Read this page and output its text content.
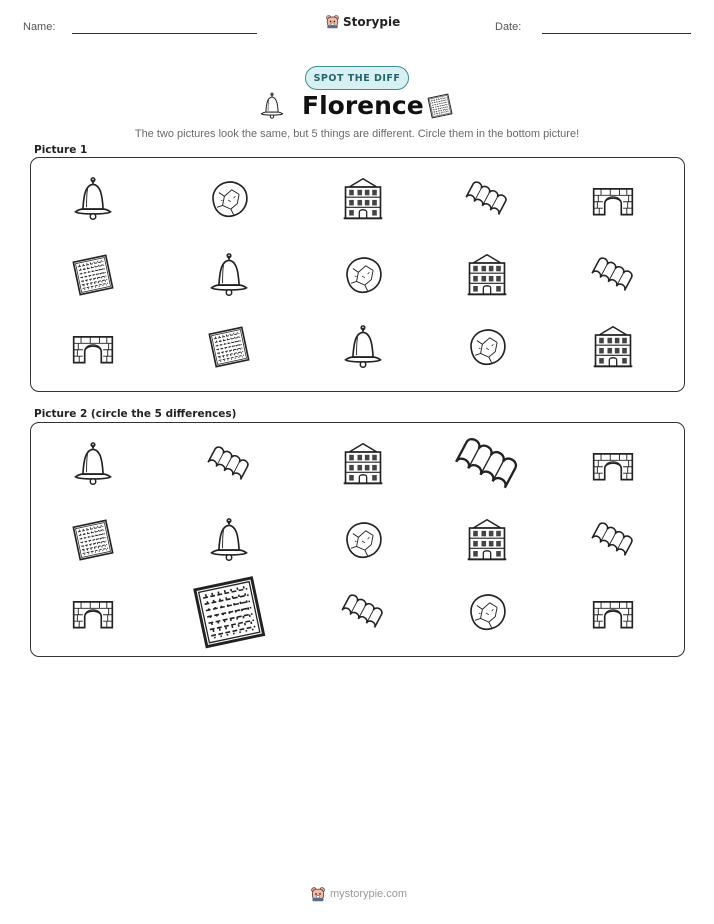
Name:	Storypie	Date:
SPOT THE DIFF
Florence
The two pictures look the same, but 5 things are different. Circle them in the bottom picture!
Picture 1
Picture 2 (circle the 5 differences)
mystorypie.com
